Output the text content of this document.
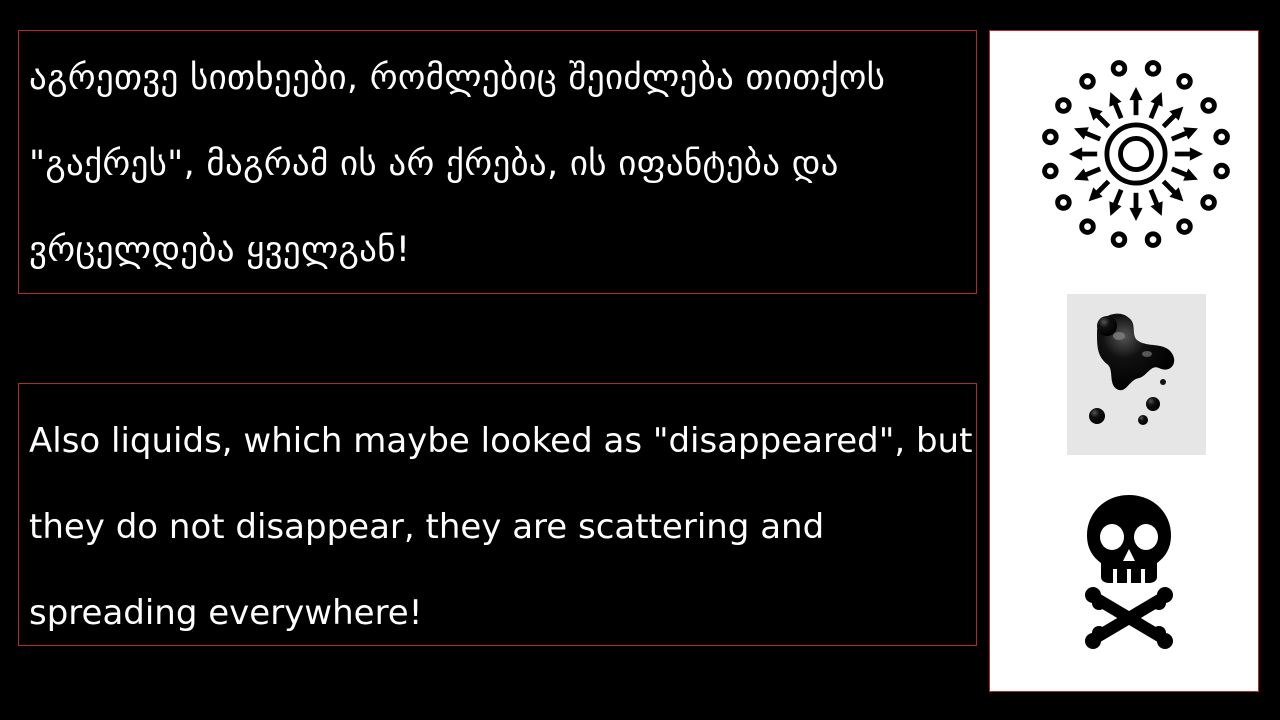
აგრეთვე სითხეები, რომლებიც შეიძლება თითქოს "გაქრეს", მაგრამ ის არ ქრება, ის იფანტება და ვრცელდება ყველგან!

Also liquids, which maybe looked as "disappeared", but they do not disappear, they are scattering and spreading everywhere!
